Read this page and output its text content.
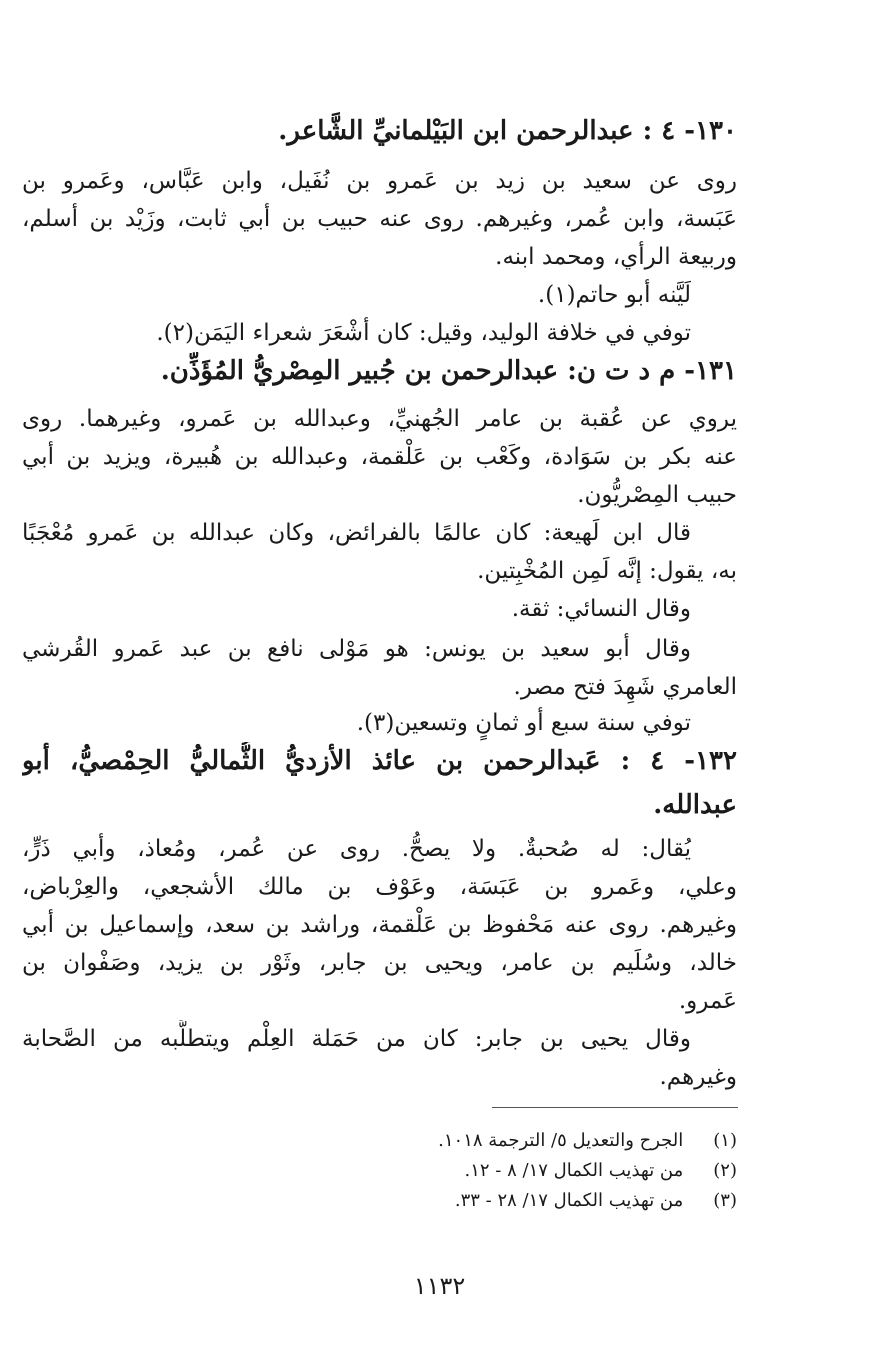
١٣٠- ٤ : عبدالرحمن ابن البَيْلمانيِّ الشَّاعر.
روى عن سعيد بن زيد بن عَمرو بن نُفَيل، وابن عَبَّاس، وعَمرو بن
عَبَسة، وابن عُمر، وغيرهم. روى عنه حبيب بن أبي ثابت، وزَيْد بن أسلم،
وربيعة الرأي، ومحمد ابنه.
لَيَّنه أبو حاتم(١).
توفي في خلافة الوليد، وقيل: كان أشْعَرَ شعراء اليَمَن(٢).
١٣١- م د ت ن: عبدالرحمن بن جُبير المِصْريُّ المُؤَذِّن.
يروي عن عُقبة بن عامر الجُهنيِّ، وعبدالله بن عَمرو، وغيرهما. روى
عنه بكر بن سَوَادة، وكَعْب بن عَلْقمة، وعبدالله بن هُبيرة، ويزيد بن أبي
حبيب المِصْريُّون.
قال ابن لَهيعة: كان عالمًا بالفرائض، وكان عبدالله بن عَمرو مُعْجَبًا
به، يقول: إنَّه لَمِن المُخْبِتين.
وقال النسائي: ثقة.
وقال أبو سعيد بن يونس: هو مَوْلى نافع بن عبد عَمرو القُرشي
العامري شَهِدَ فتح مصر.
توفي سنة سبع أو ثمانٍ وتسعين(٣).
١٣٢- ٤ : عَبدالرحمن بن عائذ الأزديُّ الثُّماليُّ الحِمْصيُّ، أبو
عبدالله.
يُقال: له صُحبةٌ. ولا يصحُّ. روى عن عُمر، ومُعاذ، وأبي ذَرٍّ،
وعلي، وعَمرو بن عَبَسَة، وعَوْف بن مالك الأشجعي، والعِرْباض،
وغيرهم. روى عنه مَحْفوظ بن عَلْقمة، وراشد بن سعد، وإسماعيل بن أبي
خالد، وسُلَيم بن عامر، ويحيى بن جابر، وثَوْر بن يزيد، وصَفْوان بن
عَمرو.
وقال يحيى بن جابر: كان من حَمَلة العِلْم ويتطلَّبه من الصَّحابة
وغيرهم.
(١) الجرح والتعديل ٥/ الترجمة ١٠١٨.
(٢) من تهذيب الكمال ١٧/ ٨ - ١٢.
(٣) من تهذيب الكمال ١٧/ ٢٨ - ٣٣.
١١٣٢
